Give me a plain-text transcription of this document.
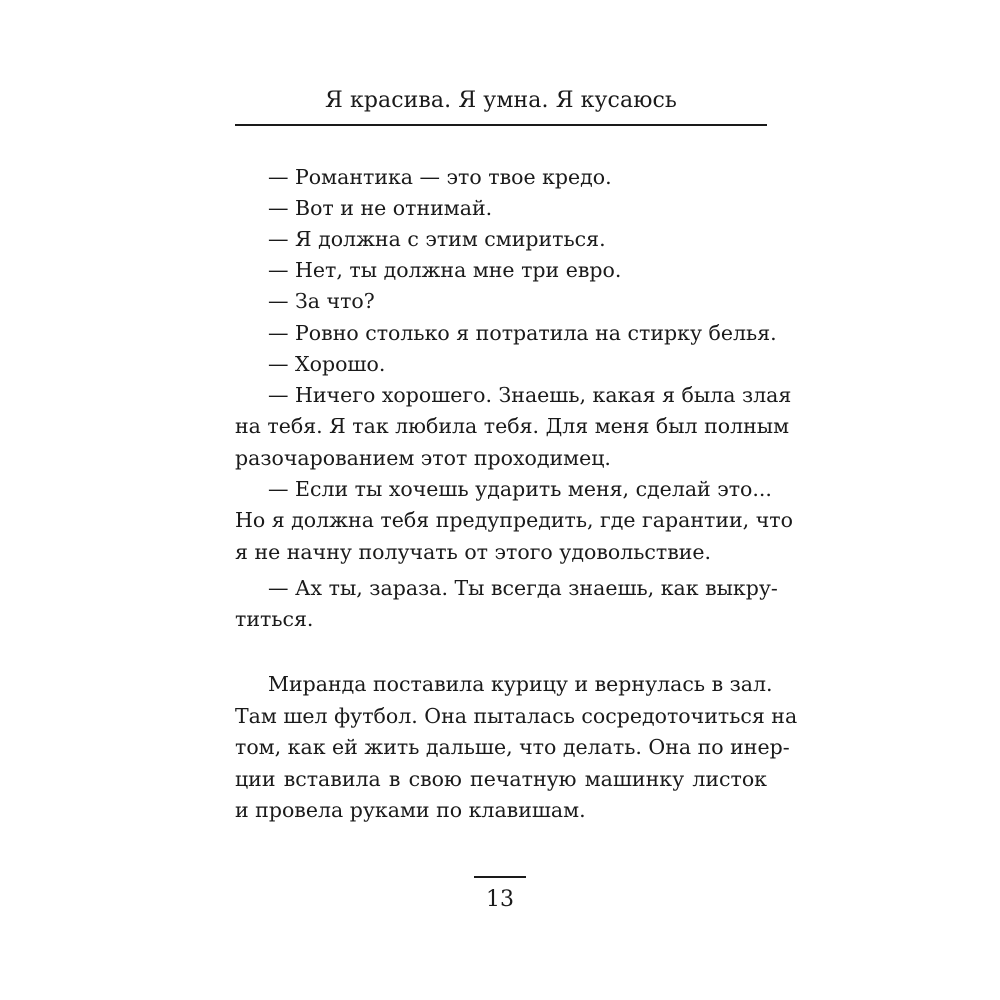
Я красива. Я умна. Я кусаюсь
— Романтика — это твое кредо.
— Вот и не отнимай.
— Я должна с этим смириться.
— Нет, ты должна мне три евро.
— За что?
— Ровно столько я потратила на стирку белья.
— Хорошо.
— Ничего хорошего. Знаешь, какая я была злая
на тебя. Я так любила тебя. Для меня был полным
разочарованием этот проходимец.
— Если ты хочешь ударить меня, сделай это...
Но я должна тебя предупредить, где гарантии, что
я не начну получать от этого удовольствие.
— Ах ты, зараза. Ты всегда знаешь, как выкру-
титься.
Миранда поставила курицу и вернулась в зал.
Там шел футбол. Она пыталась сосредоточиться на
том, как ей жить дальше, что делать. Она по инер-
ции вставила в свою печатную машинку листок
и провела руками по клавишам.
13
